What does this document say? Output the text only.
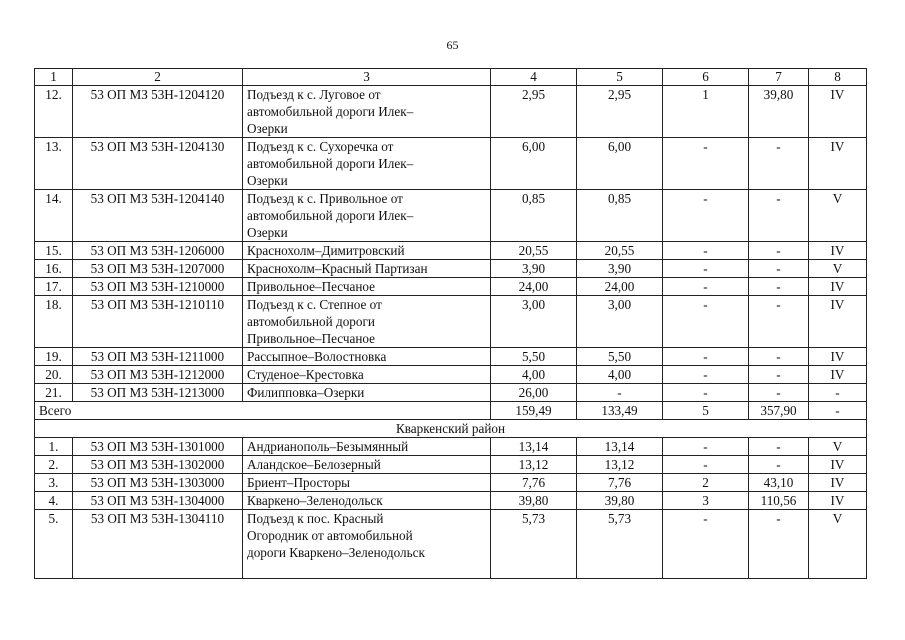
65
1	2	3	4	5	6	7	8
12.	53 ОП МЗ 53Н-1204120	Подъезд к с. Луговое от
автомобильной дороги Илек–
Озерки	2,95	2,95	1	39,80	IV
13.	53 ОП МЗ 53Н-1204130	Подъезд к с. Сухоречка от
автомобильной дороги Илек–
Озерки	6,00	6,00	-	-	IV
14.	53 ОП МЗ 53Н-1204140	Подъезд к с. Привольное от
автомобильной дороги Илек–
Озерки	0,85	0,85	-	-	V
15.	53 ОП МЗ 53Н-1206000	Краснохолм–Димитровский	20,55	20,55	-	-	IV
16.	53 ОП МЗ 53Н-1207000	Краснохолм–Красный Партизан	3,90	3,90	-	-	V
17.	53 ОП МЗ 53Н-1210000	Привольное–Песчаное	24,00	24,00	-	-	IV
18.	53 ОП МЗ 53Н-1210110	Подъезд к с. Степное от
автомобильной дороги
Привольное–Песчаное	3,00	3,00	-	-	IV
19.	53 ОП МЗ 53Н-1211000	Рассыпное–Волостновка	5,50	5,50	-	-	IV
20.	53 ОП МЗ 53Н-1212000	Студеное–Крестовка	4,00	4,00	-	-	IV
21.	53 ОП МЗ 53Н-1213000	Филипповка–Озерки	26,00	-	-	-	-
Всего			159,49	133,49	5	357,90	-
Кваркенский район							
1.	53 ОП МЗ 53Н-1301000	Андрианополь–Безымянный	13,14	13,14	-	-	V
2.	53 ОП МЗ 53Н-1302000	Аландское–Белозерный	13,12	13,12	-	-	IV
3.	53 ОП МЗ 53Н-1303000	Бриент–Просторы	7,76	7,76	2	43,10	IV
4.	53 ОП МЗ 53Н-1304000	Кваркено–Зеленодольск	39,80	39,80	3	110,56	IV
5.	53 ОП МЗ 53Н-1304110	Подъезд к пос. Красный
Огородник от автомобильной
дороги Кваркено–Зеленодольск	5,73	5,73	-	-	V
